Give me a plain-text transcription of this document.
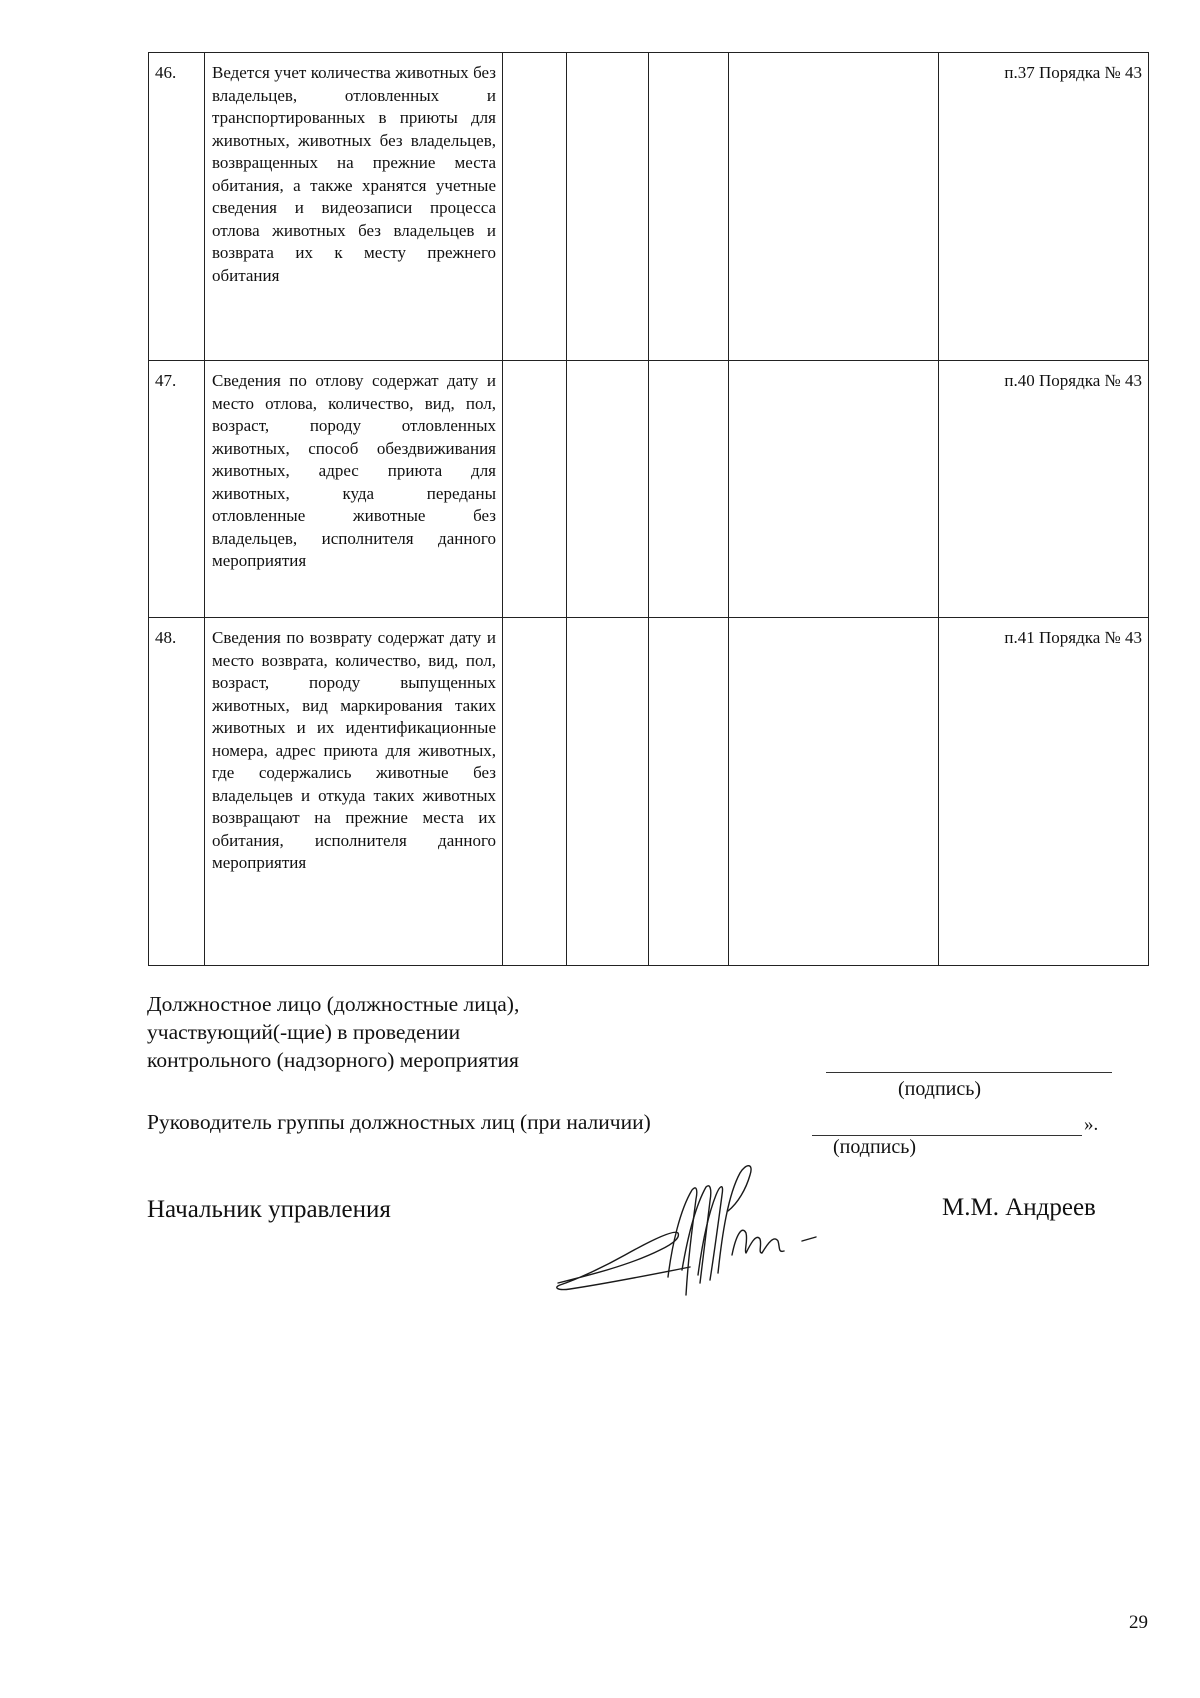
46.	Ведется учет количества животных без владельцев, отловленных и транспортированных в приюты для животных, животных без владельцев, возвращенных на прежние места обитания, а также хранятся учетные сведения и видеозаписи процесса отлова животных без владельцев и возврата их к месту прежнего обитания					п.37 Порядка № 43
47.	Сведения по отлову содержат дату и место отлова, количество, вид, пол, возраст, породу отловленных животных, способ обездвиживания животных, адрес приюта для животных, куда переданы отловленные животные без владельцев, исполнителя данного мероприятия					п.40 Порядка № 43
48.	Сведения по возврату содержат дату и место возврата, количество, вид, пол, возраст, породу выпущенных животных, вид маркирования таких животных и их идентификационные номера, адрес приюта для животных, где содержались животные без владельцев и откуда таких животных возвращают на прежние места их обитания, исполнителя данного мероприятия					п.41 Порядка № 43
Должностное лицо (должностные лица),
участвующий(-щие) в проведении
контрольного (надзорного) мероприятия
(подпись)
Руководитель группы должностных лиц (при наличии)	».
(подпись)
Начальник управления	М.М. Андреев
29
